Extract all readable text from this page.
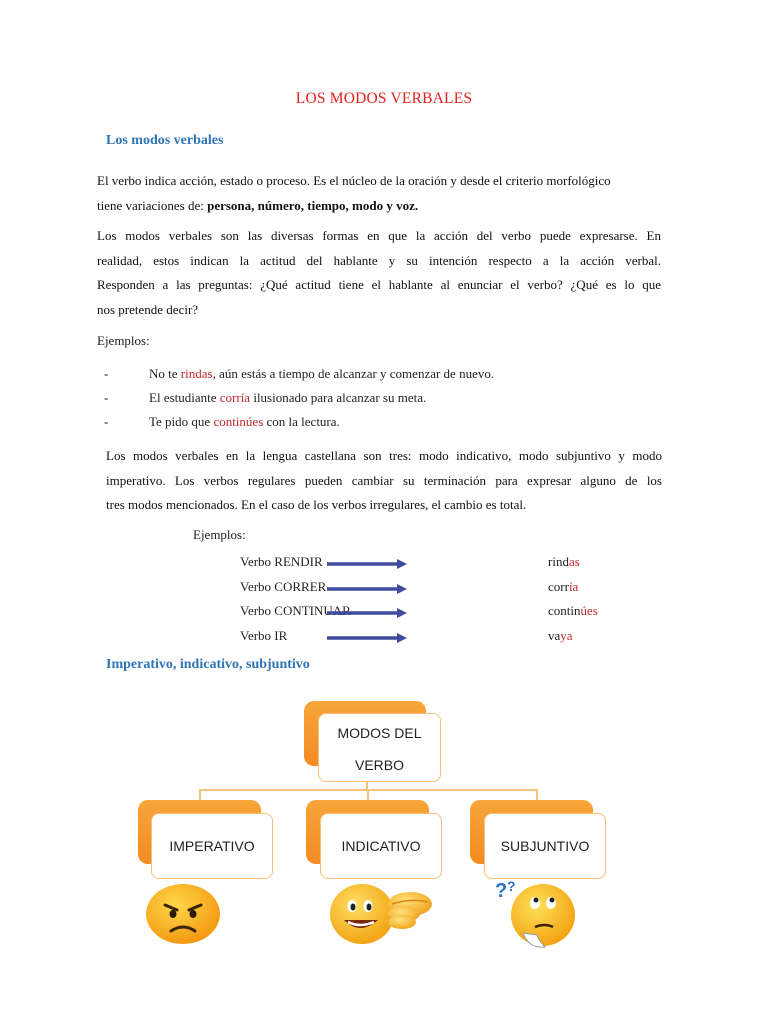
LOS MODOS VERBALES
Los modos verbales
El verbo indica acción, estado o proceso. Es el núcleo de la oración y desde el criterio morfológico
tiene variaciones de: persona, número, tiempo, modo y voz.
Los modos verbales son las diversas formas en que la acción del verbo puede expresarse. En
realidad, estos indican la actitud del hablante y su intención respecto a la acción verbal.
Responden a las preguntas: ¿Qué actitud tiene el hablante al enunciar el verbo? ¿Qué es lo que
nos pretende decir?
Ejemplos:
-	No te rindas, aún estás a tiempo de alcanzar y comenzar de nuevo.
-	El estudiante corría ilusionado para alcanzar su meta.
-	Te pido que continúes con la lectura.
Los modos verbales en la lengua castellana son tres: modo indicativo, modo subjuntivo y modo
imperativo. Los verbos regulares pueden cambiar su terminación para expresar alguno de los
tres modos mencionados. En el caso de los verbos irregulares, el cambio es total.
Ejemplos:
Verbo RENDIR	rindas
Verbo CORRER	corría
Verbo CONTINUAR	continúes
Verbo IR	vaya
Imperativo, indicativo, subjuntivo
MODOS DEL
VERBO
IMPERATIVO	INDICATIVO	SUBJUNTIVO
? ?
